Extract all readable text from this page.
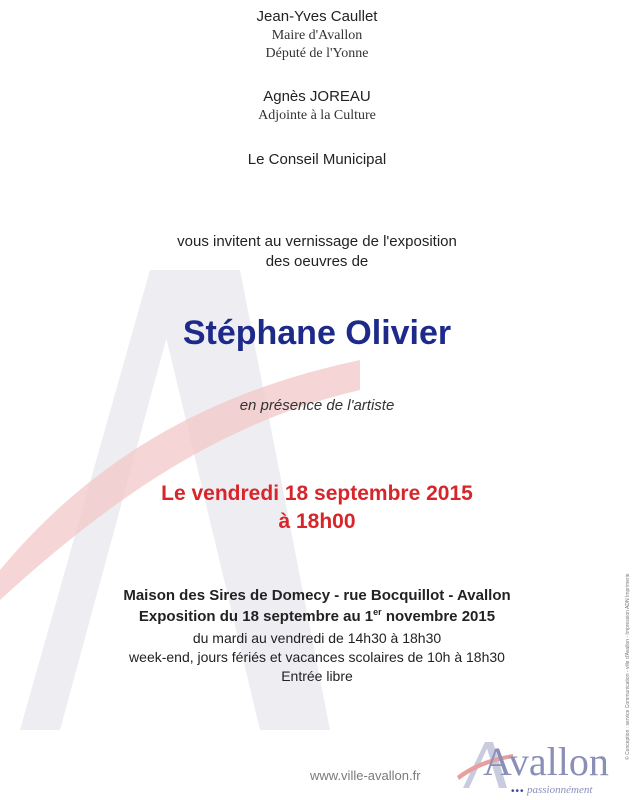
Jean-Yves Caullet
Maire d'Avallon
Député de l'Yonne
Agnès JOREAU
Adjointe à la Culture
Le Conseil Municipal
vous invitent au vernissage de l'exposition
des oeuvres de
Stéphane Olivier
en présence de l'artiste
Le vendredi 18 septembre 2015
à 18h00
Maison des Sires de Domecy - rue Bocquillot - Avallon
Exposition du 18 septembre au 1er novembre 2015
du mardi au vendredi de 14h30 à 18h30
week-end, jours fériés et vacances scolaires de 10h à 18h30
Entrée libre	© Conception : service Communication - ville d'Avallon - Impression ADN Imprimerie
www.ville-avallon.fr Avallon
••• passionnément
